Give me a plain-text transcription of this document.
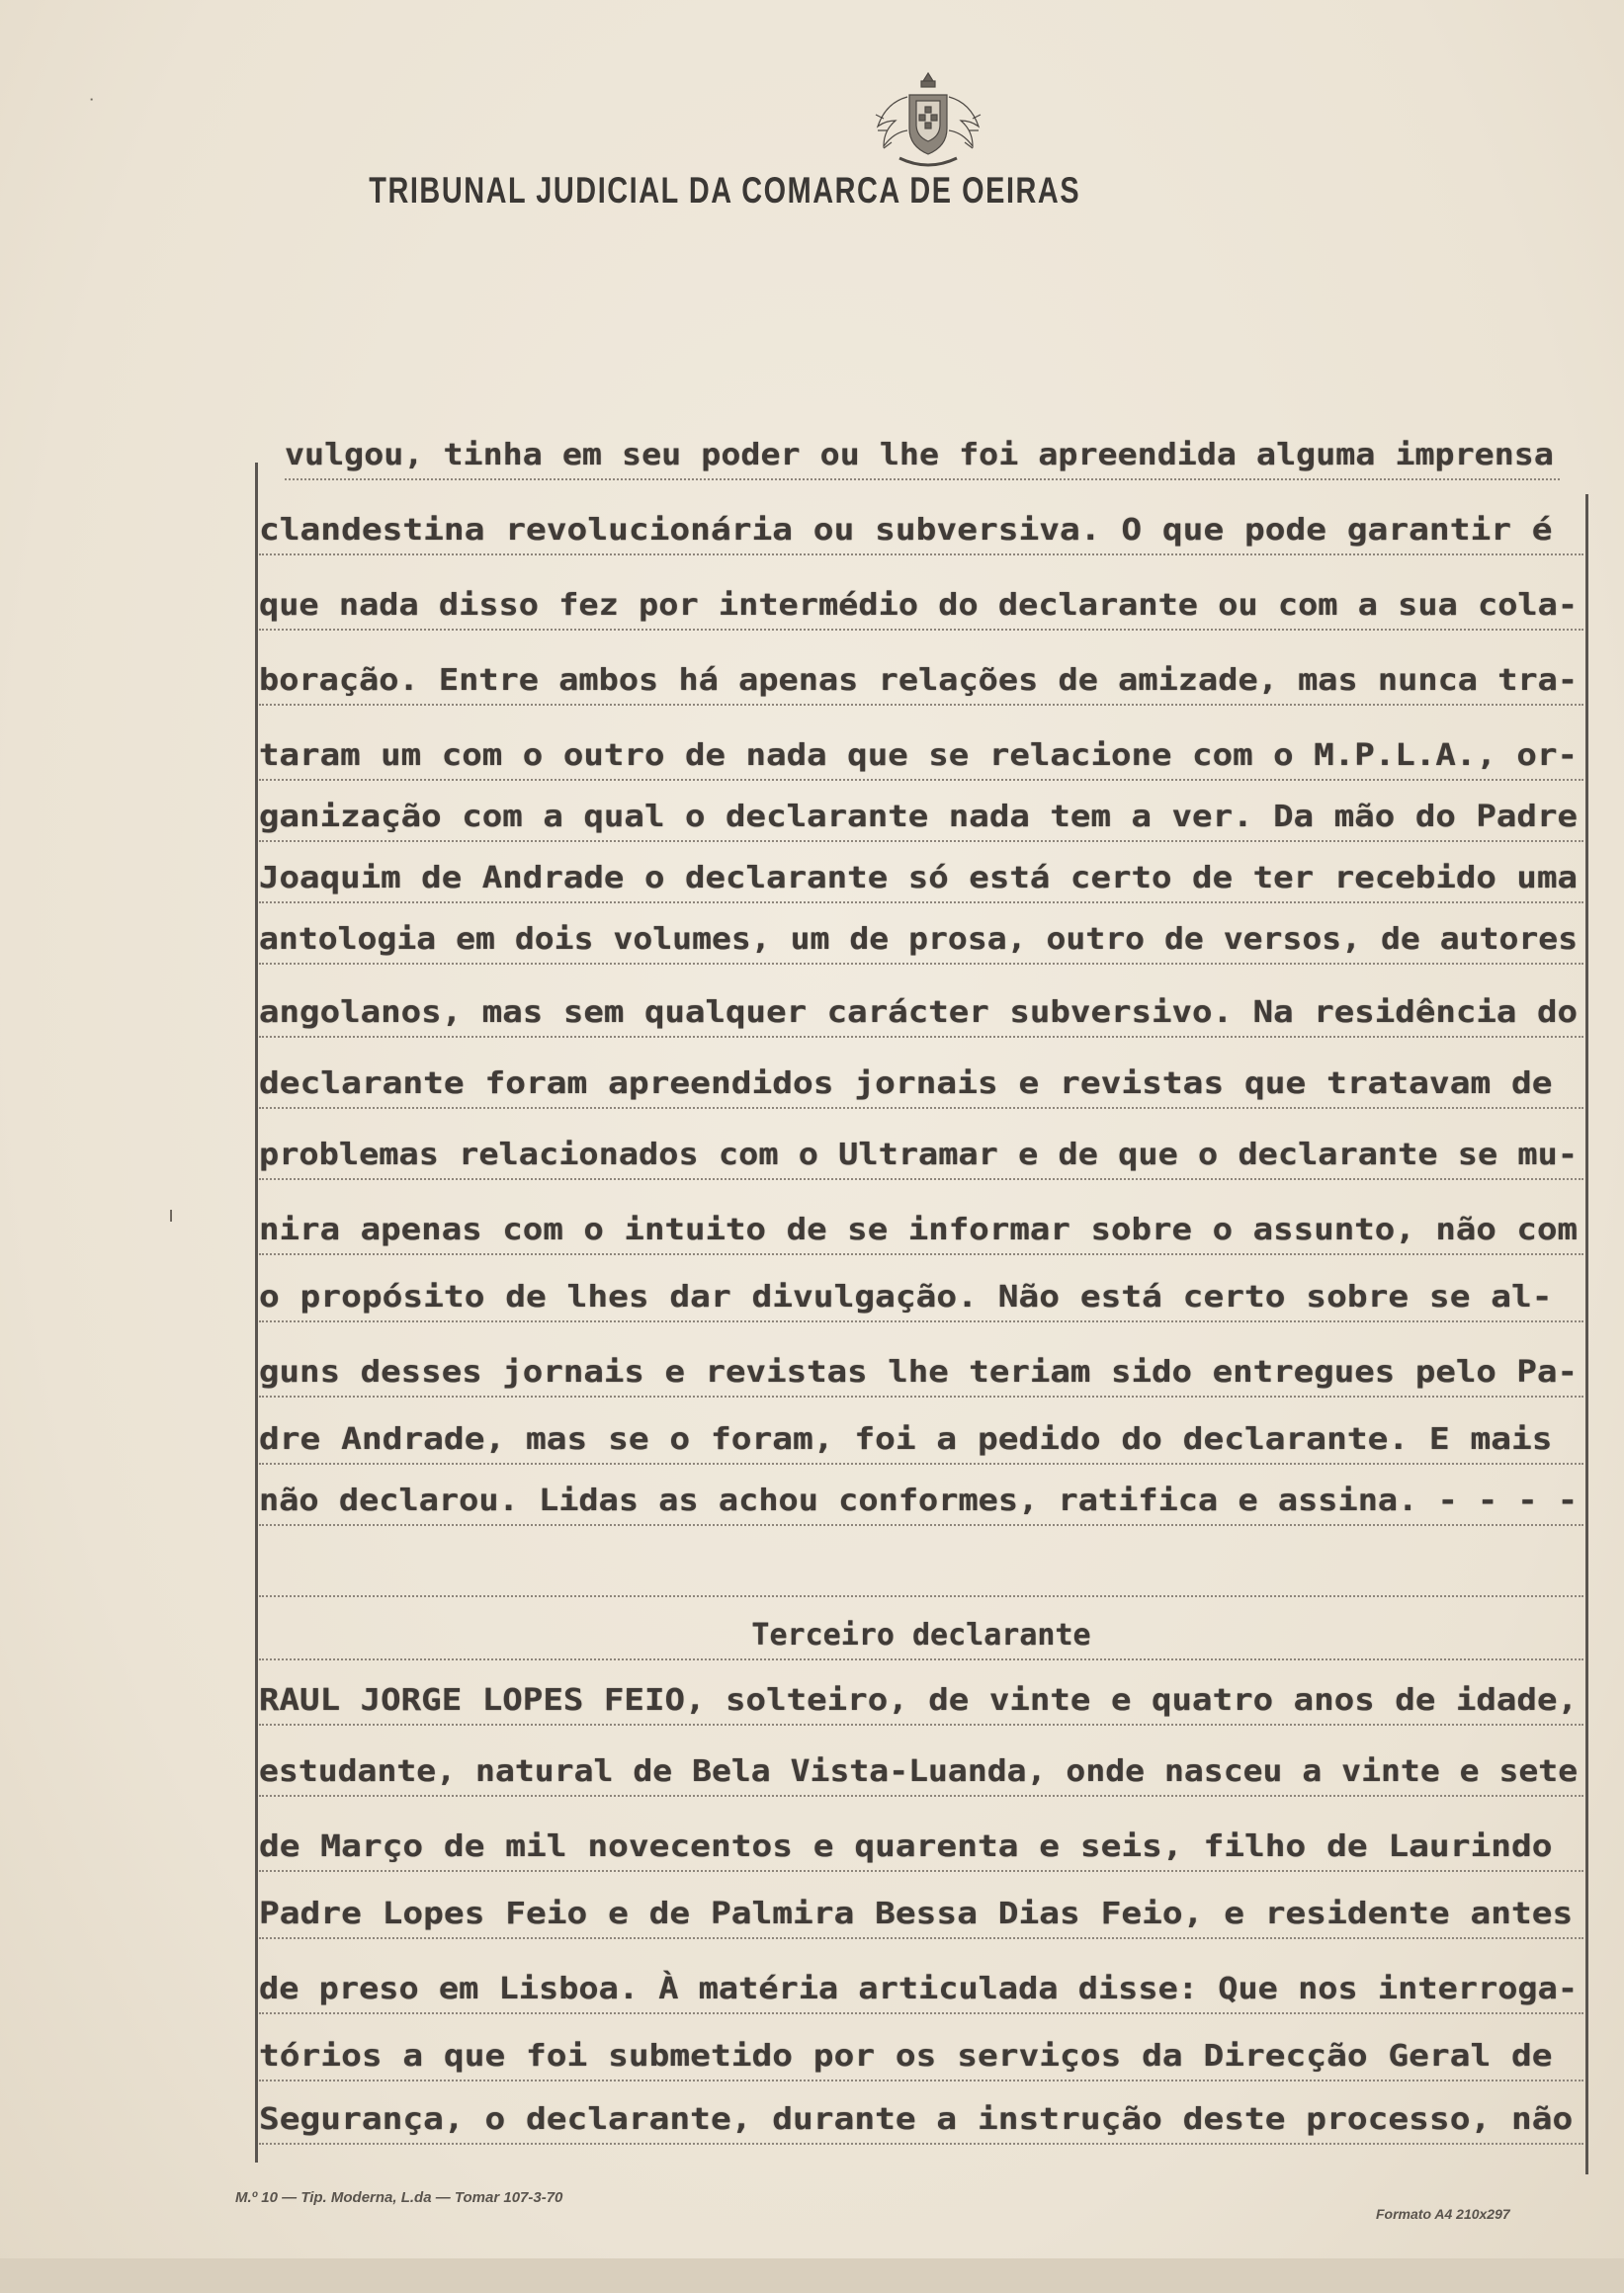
TRIBUNAL JUDICIAL DA COMARCA DE OEIRAS
vulgou, tinha em seu poder ou lhe foi apreendida alguma imprensa
clandestina revolucionária ou subversiva. O que pode garantir é
que nada disso fez por intermédio do declarante ou com a sua cola-
boração. Entre ambos há apenas relações de amizade, mas nunca tra-
taram um com o outro de nada que se relacione com o M.P.L.A., or-
ganização com a qual o declarante nada tem a ver. Da mão do Padre
Joaquim de Andrade o declarante só está certo de ter recebido uma
antologia em dois volumes, um de prosa, outro de versos, de autores
angolanos, mas sem qualquer carácter subversivo. Na residência do
declarante foram apreendidos jornais e revistas que tratavam de
problemas relacionados com o Ultramar e de que o declarante se mu-
nira apenas com o intuito de se informar sobre o assunto, não com
o propósito de lhes dar divulgação. Não está certo sobre se al-
guns desses jornais e revistas lhe teriam sido entregues pelo Pa-
dre Andrade, mas se o foram, foi a pedido do declarante. E mais
não declarou. Lidas as achou conformes, ratifica e assina. - - - -
Terceiro declarante
RAUL JORGE LOPES FEIO, solteiro, de vinte e quatro anos de idade,
estudante, natural de Bela Vista-Luanda, onde nasceu a vinte e sete
de Março de mil novecentos e quarenta e seis, filho de Laurindo
Padre Lopes Feio e de Palmira Bessa Dias Feio, e residente antes
de preso em Lisboa. À matéria articulada disse: Que nos interroga-
tórios a que foi submetido por os serviços da Direcção Geral de
Segurança, o declarante, durante a instrução deste processo, não
˙
ı
M.º 10 — Tip. Moderna, L.da — Tomar 107-3-70
Formato A4 210x297
